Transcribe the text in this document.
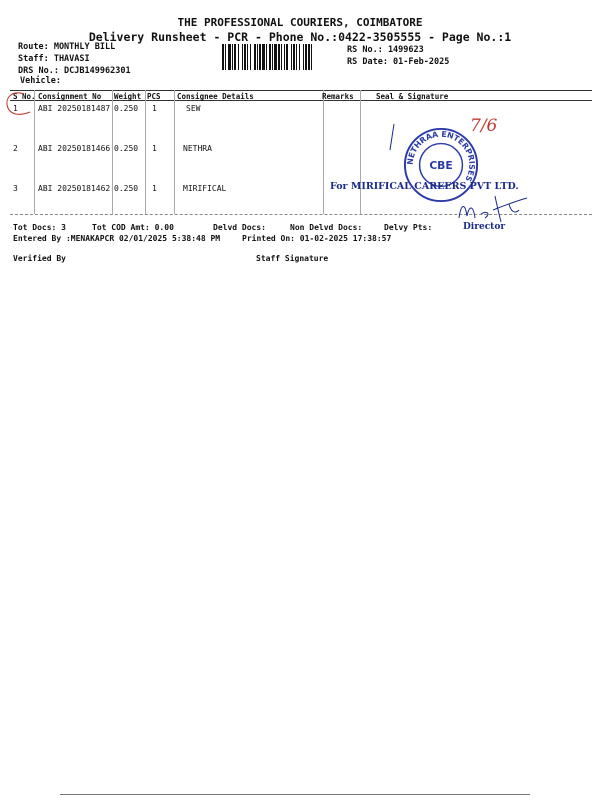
THE PROFESSIONAL COURIERS, COIMBATORE
Delivery Runsheet - PCR - Phone No.:0422-3505555 - Page No.:1
Route: MONTHLY BILL
Staff: THAVASI
DRS No.: DCJB149962301
Vehicle:
RS No.: 1499623
RS Date: 01-Feb-2025
S No. Consignment No Weight PCS Consignee Details	Remarks	Seal & Signature
1	ABI 20250181487 0.250 1	SEW
2	ABI 20250181466 0.250 1	NETHRA
3	ABI 20250181462 0.250 1	MIRIFICAL
7/6
NETHRAA ENTERPRISES
CBE
For MIRIFICAL CAREERS PVT LTD.
Director
Tot Docs: 3	Tot COD Amt: 0.00	Delvd Docs:	Non Delvd Docs:	Delvy Pts:
Entered By :MENAKAPCR 02/01/2025 5:38:48 PM	Printed On: 01-02-2025 17:38:57
Verified By	Staff Signature
